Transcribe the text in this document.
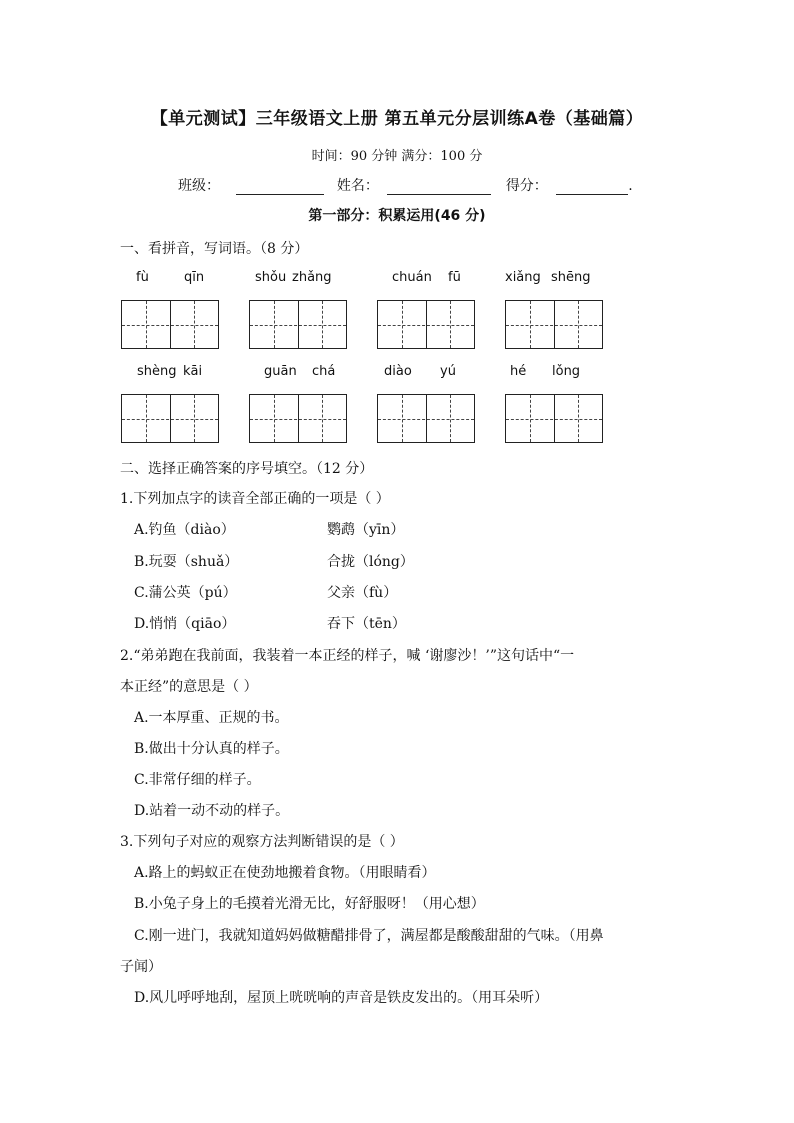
【单元测试】三年级语文上册 第五单元分层训练A卷（基础篇）
时间：90 分钟 满分：100 分
班级：	姓名：	得分：	.
第一部分：积累运用(46 分)
一、看拼音，写词语。（8 分）
fù	qīn	shǒu zhǎng	chuán fū	xiǎng shēng
shèng kāi	guān chá	diào yú	hé lǒng
二、选择正确答案的序号填空。（12 分）
1.下列加点字的读音全部正确的一项是（ ）
A.钓鱼（diào）	鹦鹉（yīn）
B.玩耍（shuǎ）	合拢（lóng）
C.蒲公英（pú）	父亲（fù）
D.悄悄（qiāo）	吞下（tēn）
2.“弟弟跑在我前面，我装着一本正经的样子，喊 ‘谢廖沙！’”这句话中“一
本正经”的意思是（ ）
A.一本厚重、正规的书。
B.做出十分认真的样子。
C.非常仔细的样子。
D.站着一动不动的样子。
3.下列句子对应的观察方法判断错误的是（ ）
A.路上的蚂蚁正在使劲地搬着食物。（用眼睛看）
B.小兔子身上的毛摸着光滑无比，好舒服呀！（用心想）
C.刚一进门，我就知道妈妈做糖醋排骨了，满屋都是酸酸甜甜的气味。（用鼻
子闻）
D.风儿呼呼地刮，屋顶上咣咣响的声音是铁皮发出的。（用耳朵听）
